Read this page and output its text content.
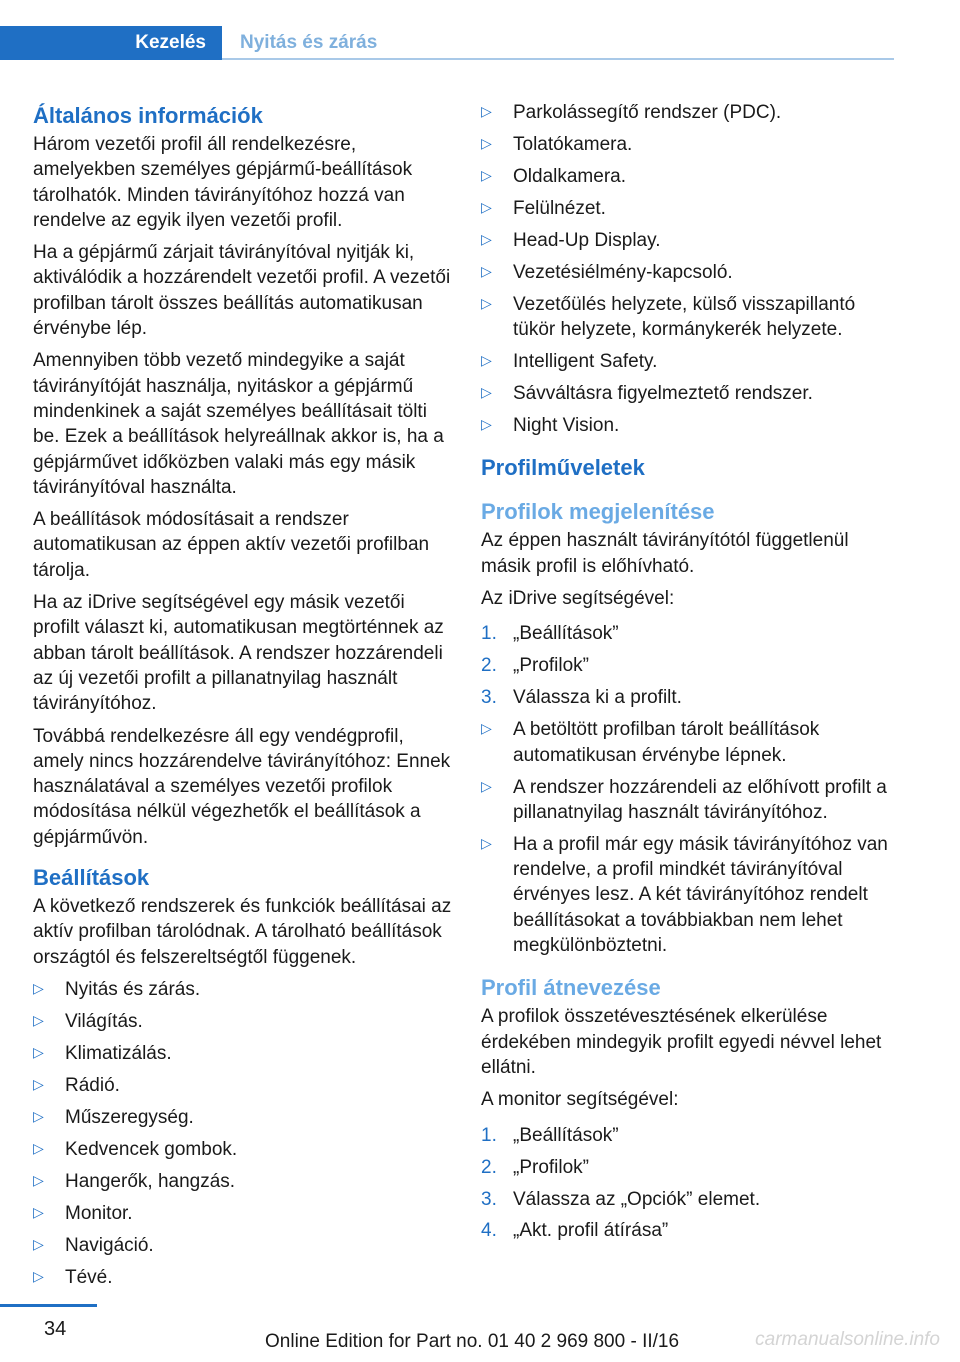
Kezelés	Nyitás és zárás
Általános információk

Három vezetői profil áll rendelkezésre, amelyekben személyes gépjármű-beállítások tárolhatók. Minden távirányítóhoz hozzá van rendelve az egyik ilyen vezetői profil.

Ha a gépjármű zárjait távirányítóval nyitják ki, aktiválódik a hozzárendelt vezetői profil. A vezetői profilban tárolt összes beállítás automatikusan érvénybe lép.

Amennyiben több vezető mindegyike a saját távirányítóját használja, nyitáskor a gépjármű mindenkinek a saját személyes beállításait tölti be. Ezek a beállítások helyreállnak akkor is, ha a gépjárművet időközben valaki más egy másik távirányítóval használta.

A beállítások módosításait a rendszer automatikusan az éppen aktív vezetői profilban tárolja.

Ha az iDrive segítségével egy másik vezetői profilt választ ki, automatikusan megtörténnek az abban tárolt beállítások. A rendszer hozzárendeli az új vezetői profilt a pillanatnyilag használt távirányítóhoz.

Továbbá rendelkezésre áll egy vendégprofil, amely nincs hozzárendelve távirányítóhoz: Ennek használatával a személyes vezetői profilok módosítása nélkül végezhetők el beállítások a gépjárművön.

Beállítások

A következő rendszerek és funkciók beállításai az aktív profilban tárolódnak. A tárolható beállítások országtól és felszereltségtől függenek.

▷ Nyitás és zárás.
▷ Világítás.
▷ Klimatizálás.
▷ Rádió.
▷ Műszeregység.
▷ Kedvencek gombok.
▷ Hangerők, hangzás.
▷ Monitor.
▷ Navigáció.
▷ Tévé.
▷ Parkolássegítő rendszer (PDC).
▷ Tolatókamera.
▷ Oldalkamera.
▷ Felülnézet.
▷ Head-Up Display.
▷ Vezetésiélmény-kapcsoló.
▷ Vezetőülés helyzete, külső visszapillantó tükör helyzete, kormánykerék helyzete.
▷ Intelligent Safety.
▷ Sávváltásra figyelmeztető rendszer.
▷ Night Vision.
Profilműveletek
Profilok megjelenítése

Az éppen használt távirányítótól függetlenül másik profil is előhívható.

Az iDrive segítségével:

1. „Beállítások”
2. „Profilok”
3. Válassza ki a profilt.
▷ A betöltött profilban tárolt beállítások automatikusan érvénybe lépnek.
▷ A rendszer hozzárendeli az előhívott profilt a pillanatnyilag használt távirányítóhoz.
▷ Ha a profil már egy másik távirányítóhoz van rendelve, a profil mindkét távirányítóval érvényes lesz. A két távirányítóhoz rendelt beállításokat a továbbiakban nem lehet megkülönböztetni.
Profil átnevezése

A profilok összetévesztésének elkerülése érdekében mindegyik profilt egyedi névvel lehet ellátni.

A monitor segítségével:

1. „Beállítások”
2. „Profilok”
3. Válassza az „Opciók” elemet.
4. „Akt. profil átírása”
34
Online Edition for Part no. 01 40 2 969 800 - II/16	carmanualsonline.info
